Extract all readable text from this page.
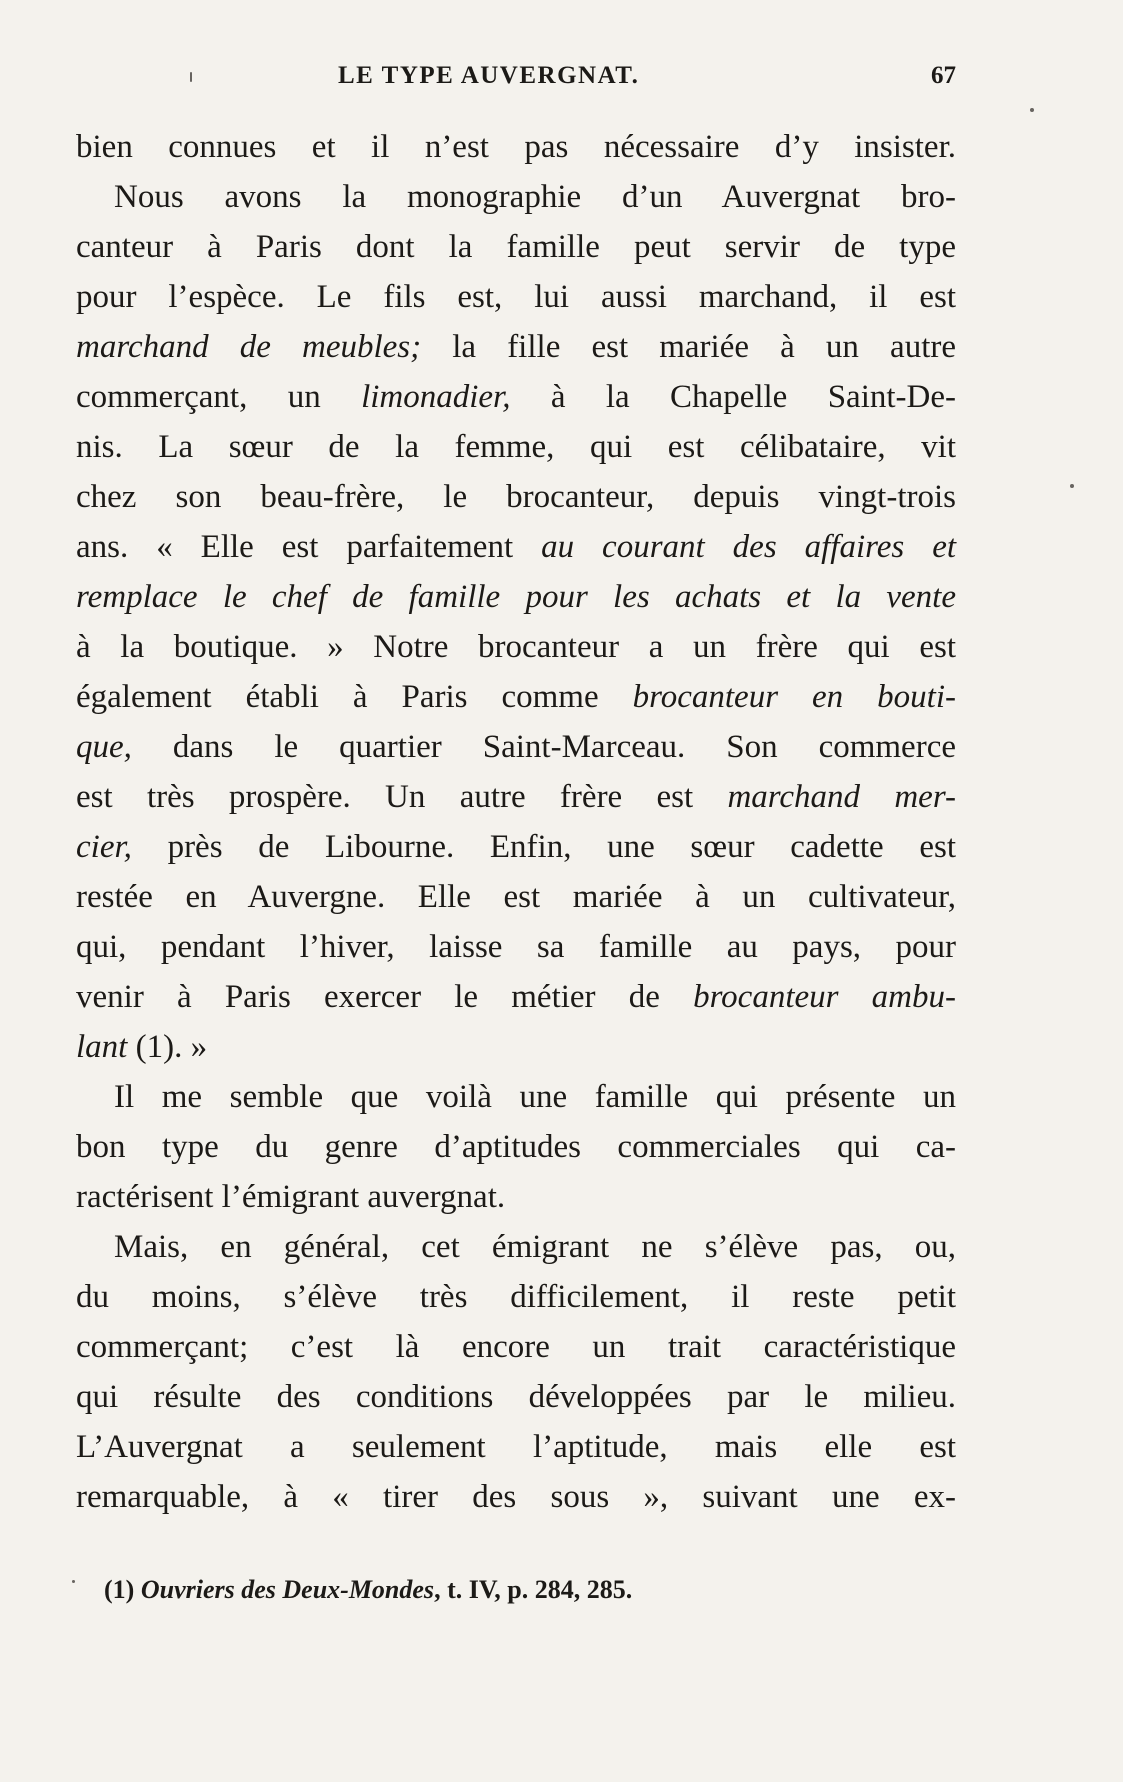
LE TYPE AUVERGNAT.	67
bien connues et il n’est pas nécessaire d’y insister.
Nous avons la monographie d’un Auvergnat bro-
canteur à Paris dont la famille peut servir de type
pour l’espèce. Le fils est, lui aussi marchand, il est
marchand de meubles; la fille est mariée à un autre
commerçant, un limonadier, à la Chapelle Saint-De-
nis. La sœur de la femme, qui est célibataire, vit
chez son beau-frère, le brocanteur, depuis vingt-trois
ans. « Elle est parfaitement au courant des affaires et
remplace le chef de famille pour les achats et la vente
à la boutique. » Notre brocanteur a un frère qui est
également établi à Paris comme brocanteur en bouti-
que, dans le quartier Saint-Marceau. Son commerce
est très prospère. Un autre frère est marchand mer-
cier, près de Libourne. Enfin, une sœur cadette est
restée en Auvergne. Elle est mariée à un cultivateur,
qui, pendant l’hiver, laisse sa famille au pays, pour
venir à Paris exercer le métier de brocanteur ambu-
lant (1). »
Il me semble que voilà une famille qui présente un
bon type du genre d’aptitudes commerciales qui ca-
ractérisent l’émigrant auvergnat.
Mais, en général, cet émigrant ne s’élève pas, ou,
du moins, s’élève très difficilement, il reste petit
commerçant; c’est là encore un trait caractéristique
qui résulte des conditions développées par le milieu.
L’Auvergnat a seulement l’aptitude, mais elle est
remarquable, à « tirer des sous », suivant une ex-
(1) Ouvriers des Deux-Mondes, t. IV, p. 284, 285.
